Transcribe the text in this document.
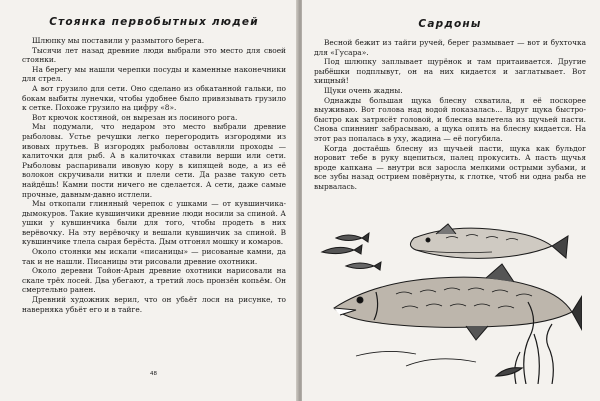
Стоянка первобытных людей

Шлюпку мы поставили у размытого берега.

Тысячи лет назад древние люди выбрали это место для своей стоянки.

На берегу мы нашли черепки посуды и каменные наконечники для стрел.

А вот грузило для сети. Оно сделано из обкатанной гальки, по бокам выбиты лунечки, чтобы удобнее было привязывать грузило к сетке. Похоже грузило на цифру «8».

Вот крючок костяной, он вырезан из лосиного рога.

Мы подумали, что недаром это место выбрали древние рыболовы. Устье речушки легко перегородить изгородями из ивовых прутьев. В изгородях рыболовы оставляли проходы — калиточки для рыб. А в калиточках ставили верши или сети. Рыболовы распаривали ивовую кору в кипящей воде, а из её волокон скручивали нитки и плели сети. Да разве такую сеть найдёшь! Камни пости ничего не сделается. А сети, даже самые прочные, давным-давно истлели.

Мы откопали глиняный черепок с ушками — от кувшинчика-дымокуров. Такие кувшинчики древние люди носили за спиной. А ушки у кувшинчика были для того, чтобы продеть в них верёвочку. На эту верёвочку и вешали кувшинчик за спиной. В кувшинчике тлела сырая берёста. Дым отгонял мошку и комаров.

Около стоянки мы искали «писаницы» — рисованые камни, да так и не нашли. Писаницы эти рисовали древние охотники.

Около деревни Тойон-Арын древние охотники нарисовали на скале трёх лосей. Два убегают, а третий лось пронзён копьём. Он смертельно ранен.

Древний художник верил, что он убьёт лося на рисунке, то наверняка убьёт его и в тайге.

48
Сардоны

Весной бежит из тайги ручей, берег размывает — вот и бухточка для «Гусара».

Под шлюпку заплывает щурёнок и там притаивается. Другие рыбёшки подплывут, он на них кидается и заглатывает. Вот хищный!

Щуки очень жадны.

Однажды большая щука блесну схватила, я её поскорее выуживаю. Вот голова над водой показалась... Вдруг щука быстро-быстро как затрясёт головой, и блесна вылетела из щучьей пасти. Снова спиннинг забрасываю, а щука опять на блесну кидается. На этот раз попалась в уху, жадина — её погубила.

Когда достаёшь блесну из щучьей пасти, щука как бульдог норовит тебе в руку вцепиться, палец прокусить. А пасть щучья вроде капкана — внутри вся заросла мелкими острыми зубами, и все зубы назад острием повёрнуты, к глотке, чтоб ни одна рыба не вырвалась.
